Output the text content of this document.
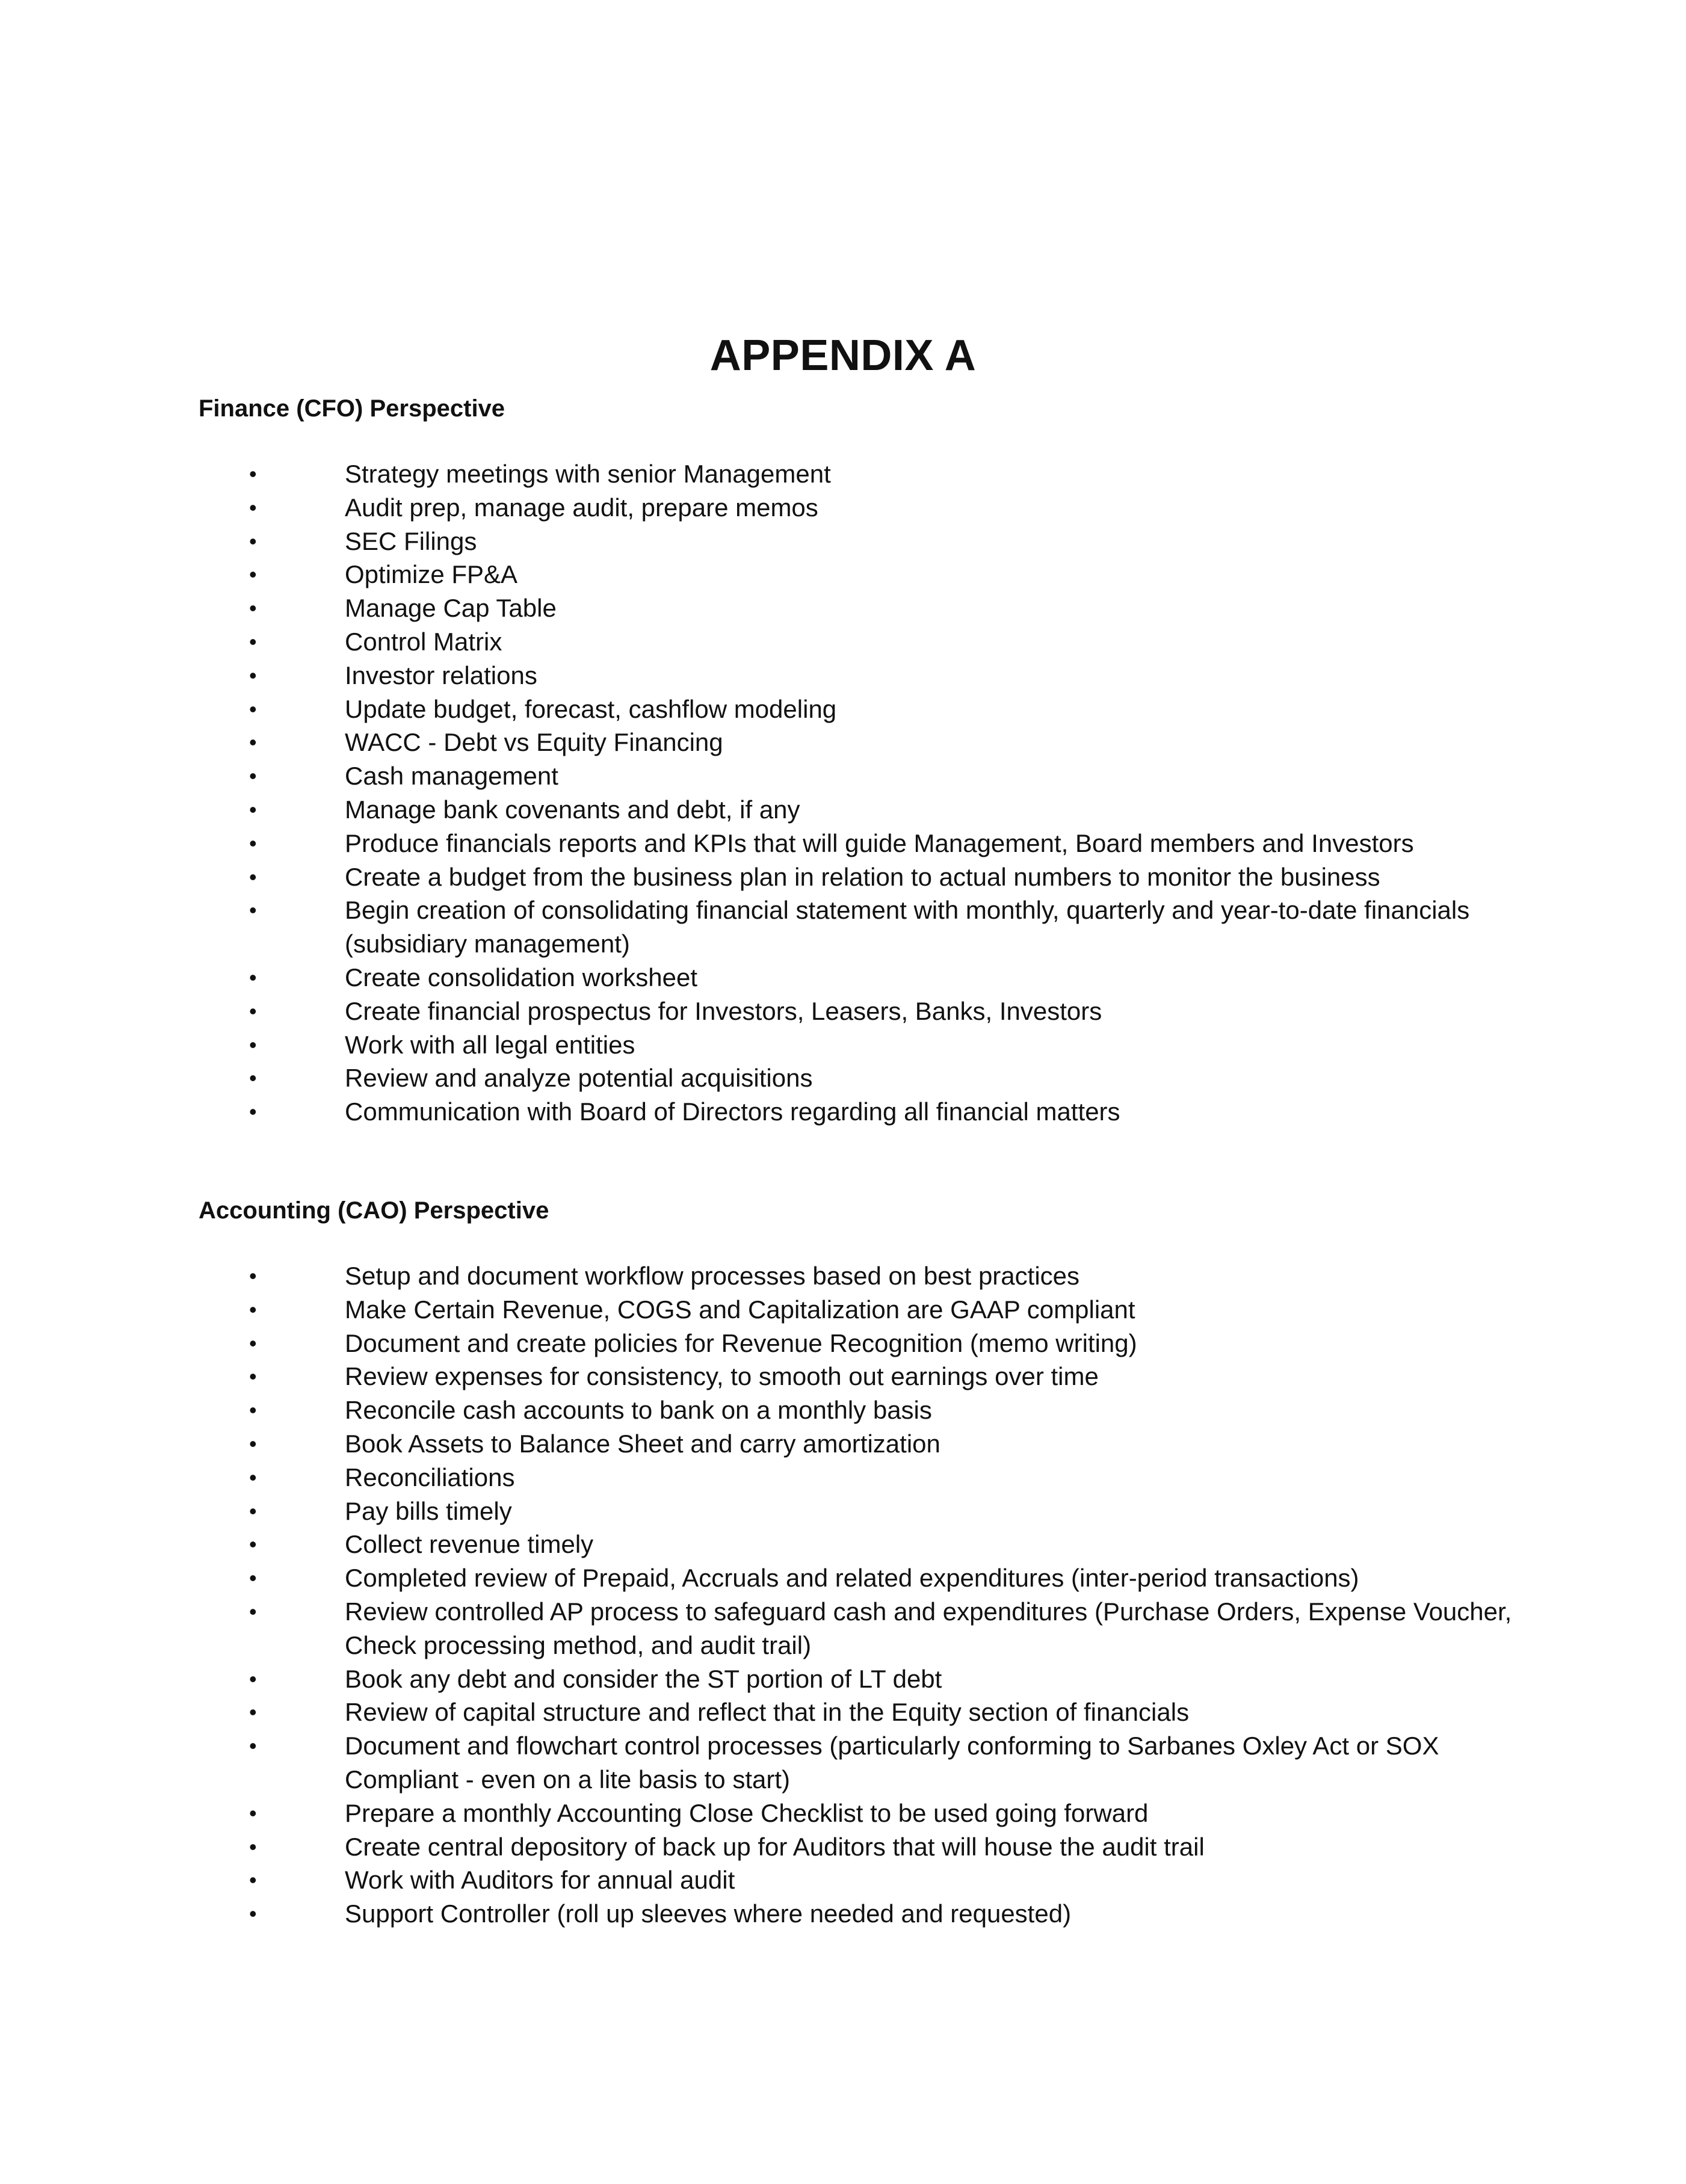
APPENDIX A
Finance (CFO) Perspective
•	Strategy meetings with senior Management
•	Audit prep, manage audit, prepare memos
•	SEC Filings
•	Optimize FP&A
•	Manage Cap Table
•	Control Matrix
•	Investor relations
•	Update budget, forecast, cashflow modeling
•	WACC - Debt vs Equity Financing
•	Cash management
•	Manage bank covenants and debt, if any
•	Produce financials reports and KPIs that will guide Management, Board members and Investors
•	Create a budget from the business plan in relation to actual numbers to monitor the business
•	Begin creation of consolidating financial statement with monthly, quarterly and year-to-date financials (subsidiary management)
•	Create consolidation worksheet
•	Create financial prospectus for Investors, Leasers, Banks, Investors
•	Work with all legal entities
•	Review and analyze potential acquisitions
•	Communication with Board of Directors regarding all financial matters
Accounting (CAO) Perspective
•	Setup and document workflow processes based on best practices
•	Make Certain Revenue, COGS and Capitalization are GAAP compliant
•	Document and create policies for Revenue Recognition (memo writing)
•	Review expenses for consistency, to smooth out earnings over time
•	Reconcile cash accounts to bank on a monthly basis
•	Book Assets to Balance Sheet and carry amortization
•	Reconciliations
•	Pay bills timely
•	Collect revenue timely
•	Completed review of Prepaid, Accruals and related expenditures (inter-period transactions)
•	Review controlled AP process to safeguard cash and expenditures (Purchase Orders, Expense Voucher, Check processing method, and audit trail)
•	Book any debt and consider the ST portion of LT debt
•	Review of capital structure and reflect that in the Equity section of financials
•	Document and flowchart control processes (particularly conforming to Sarbanes Oxley Act or SOX Compliant - even on a lite basis to start)
•	Prepare a monthly Accounting Close Checklist to be used going forward
•	Create central depository of back up for Auditors that will house the audit trail
•	Work with Auditors for annual audit
•	Support Controller (roll up sleeves where needed and requested)
